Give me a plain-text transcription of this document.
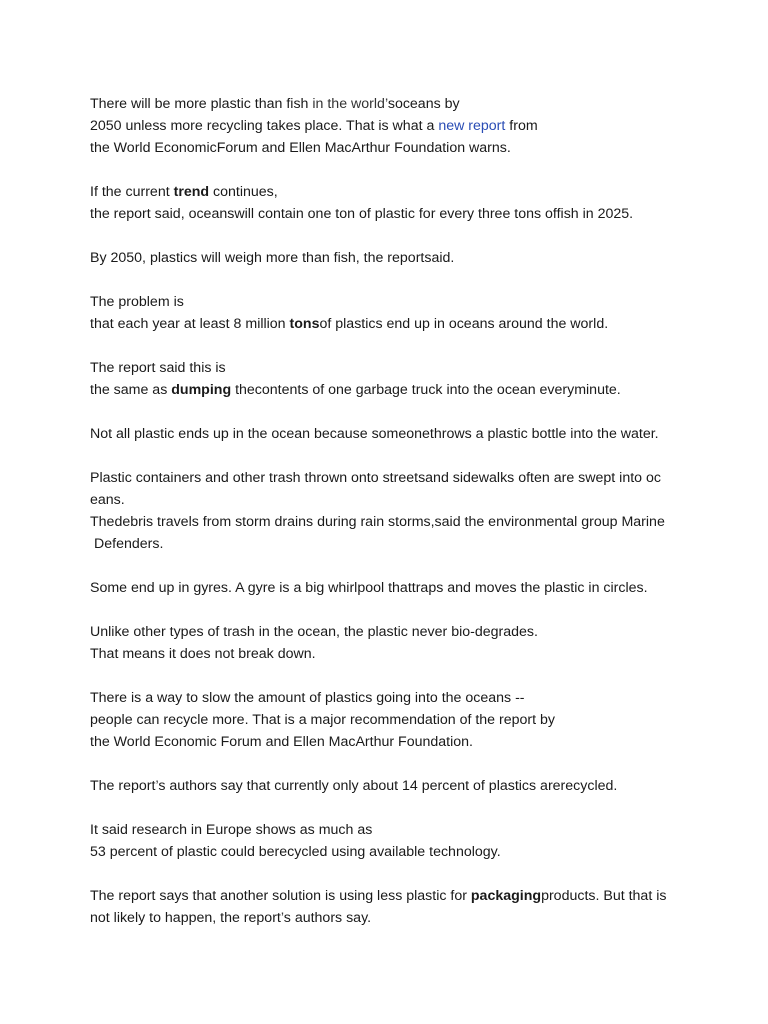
There will be more plastic than fish in the world’soceans by
2050 unless more recycling takes place. That is what a new report from
the World EconomicForum and Ellen MacArthur Foundation warns.

If the current trend continues,
the report said, oceanswill contain one ton of plastic for every three tons offish in 2025.

By 2050, plastics will weigh more than fish, the reportsaid.

The problem is
that each year at least 8 million tonsof plastics end up in oceans around the world.

The report said this is
the same as dumping thecontents of one garbage truck into the ocean everyminute.

Not all plastic ends up in the ocean because someonethrows a plastic bottle into the water.

Plastic containers and other trash thrown onto streetsand sidewalks often are swept into oc
eans.
Thedebris travels from storm drains during rain storms,said the environmental group Marine
Defenders.

Some end up in gyres. A gyre is a big whirlpool thattraps and moves the plastic in circles.

Unlike other types of trash in the ocean, the plastic never bio-degrades.
That means it does not break down.

There is a way to slow the amount of plastics going into the oceans --
people can recycle more. That is a major recommendation of the report by
the World Economic Forum and Ellen MacArthur Foundation.

The report’s authors say that currently only about 14 percent of plastics arerecycled.

It said research in Europe shows as much as
53 percent of plastic could berecycled using available technology.

The report says that another solution is using less plastic for packagingproducts. But that is
not likely to happen, the report’s authors say.
